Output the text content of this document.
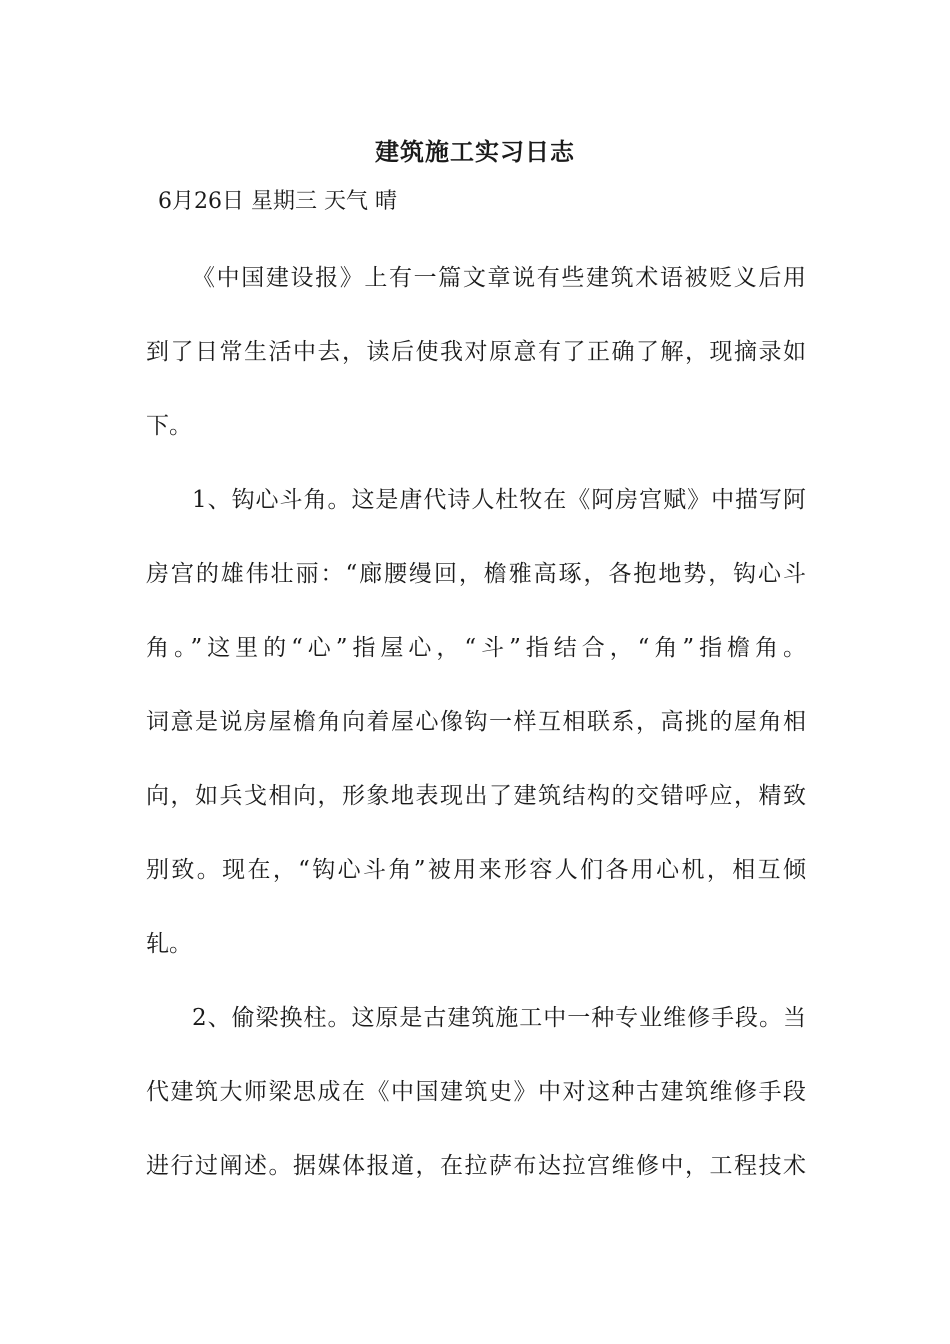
建筑施工实习日志

6月26日 星期三 天气 晴

《中国建设报》上有一篇文章说有些建筑术语被贬义后用
到了日常生活中去，读后使我对原意有了正确了解，现摘录如
下。
1、钩心斗角。这是唐代诗人杜牧在《阿房宫赋》中描写阿
房宫的雄伟壮丽：“廊腰缦回，檐雅高琢，各抱地势，钩心斗
角。”这里的“心”指屋心，“斗”指结合，“角”指檐角。
词意是说房屋檐角向着屋心像钩一样互相联系，高挑的屋角相
向，如兵戈相向，形象地表现出了建筑结构的交错呼应，精致
别致。现在，“钩心斗角”被用来形容人们各用心机，相互倾
轧。
2、偷梁换柱。这原是古建筑施工中一种专业维修手段。当
代建筑大师梁思成在《中国建筑史》中对这种古建筑维修手段
进行过阐述。据媒体报道，在拉萨布达拉宫维修中，工程技术
